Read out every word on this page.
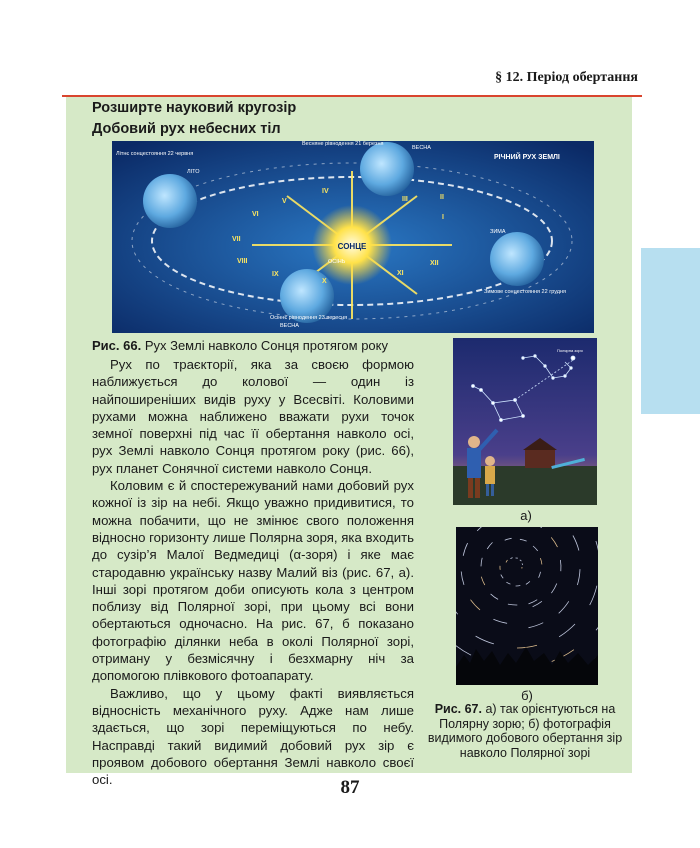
§ 12. Період обертання
Розширте науковий кругозір
Добовий рух небесних тіл
СОНЦЕ
I
II
III
IV
V
VI
VII
VIII
IX
X
XI
XII
РІЧНИЙ РУХ ЗЕМЛІ
ВЕСНА
ЗИМА
ВЕСНА
ЛІТО
ОСІНЬ
Літнє сонцестояння 22 червня
Весняне рівнодення 21 березня
Зимове сонцестояння 22 грудня
Осіннє рівнодення 23 вересня
Рис. 66. Рух Землі навколо Сонця протягом року

Рух по траєкторії, яка за своєю формою наближується до колової — один із найпоширеніших видів руху у Всесвіті. Коловими рухами можна наближено вважати рухи точок земної поверхні під час її обертання навколо осі, рух Землі навколо Сонця протягом року (рис. 66), рух планет Сонячної системи навколо Сонця.

Коловим є й спостережуваний нами добовий рух кожної із зір на небі. Якщо уважно придивитися, то можна побачити, що не змінює свого положення відносно горизонту лише Полярна зоря, яка входить до сузір’я Малої Ведмедиці (α-зоря) і яке має стародавню українську назву Малий віз (рис. 67, а). Інші зорі протягом доби описують кола з центром поблизу від Полярної зорі, при цьому всі вони обертаються одночасно. На рис. 67, б показано фотографію ділянки неба в околі Полярної зорі, отриману у безмісячну і безхмарну ніч за допомогою плівкового фотоапарату.

Важливо, що у цьому факті виявляється відносність механічного руху. Адже нам лише здається, що зорі переміщуються по небу. Насправді такий видимий добовий рух зір є проявом добового обертання Землі навколо своєї осі.

Полярна зоря
а)
б)
Рис. 67. а) так орієнтуються на Полярну зорю; б) фотографія видимого добового обертання зір навколо Полярної зорі
87
